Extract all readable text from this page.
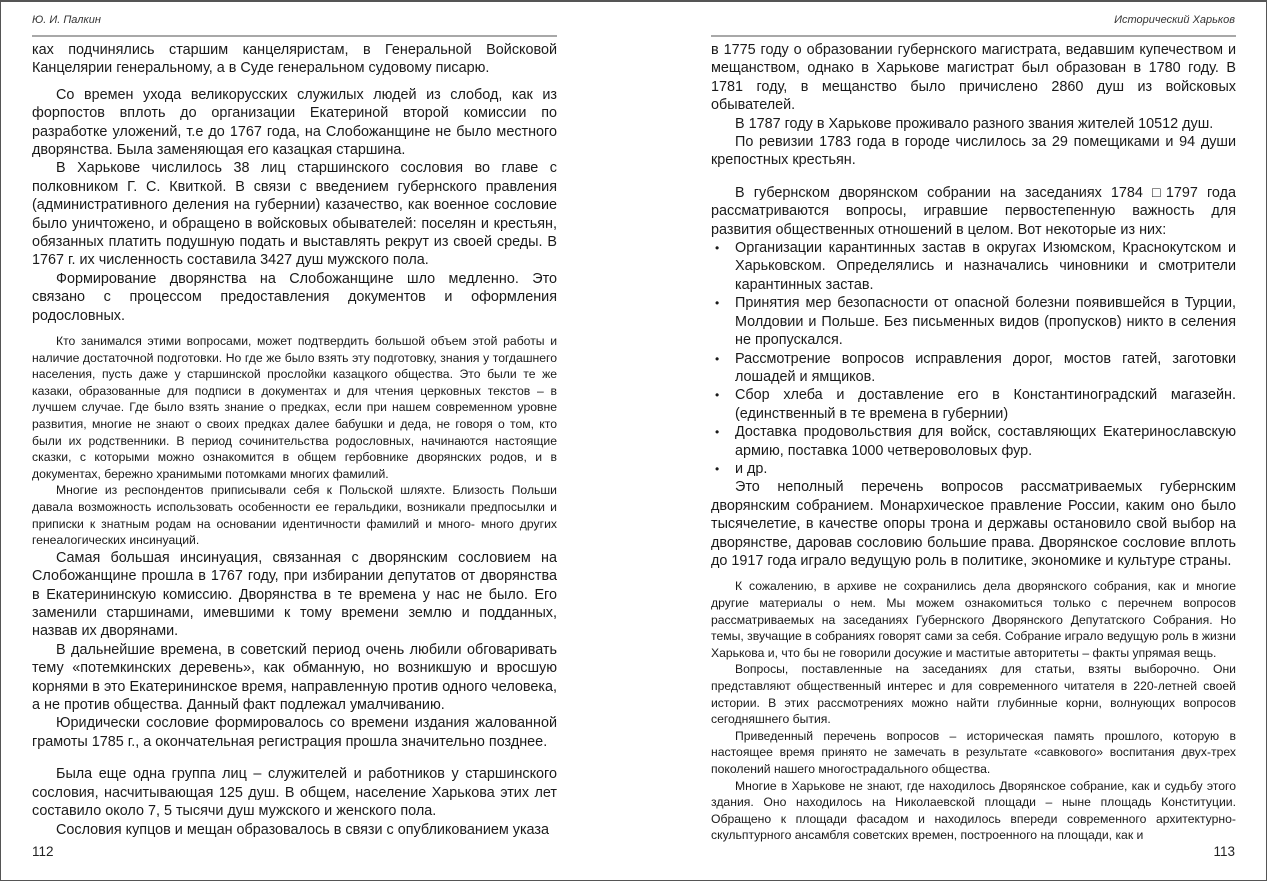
Ю. И. Палкин

ках подчинялись старшим канцеляристам, в Генеральной Войсковой Канцелярии генеральному, а в Суде генеральном судовому писарю.

Со времен ухода великорусских служилых людей из слобод, как из форпостов вплоть до организации Екатериной второй комиссии по разработке уложений, т.е до 1767 года, на Слобожанщине не было местного дворянства. Была заменяющая его казацкая старшина.

В Харькове числилось 38 лиц старшинского сословия во главе с полковником Г. С. Квиткой. В связи с введением губернского правления (административного деления на губернии) казачество, как военное сословие было уничтожено, и обращено в войсковых обывателей: поселян и крестьян, обязанных платить подушную подать и выставлять рекрут из своей среды. В 1767 г. их численность составила 3427 душ мужского пола.

Формирование дворянства на Слобожанщине шло медленно. Это связано с процессом предоставления документов и оформления родословных.

Кто занимался этими вопросами, может подтвердить большой объем этой работы и наличие достаточной подготовки. Но где же было взять эту подготовку, знания у тогдашнего населения, пусть даже у старшинской прослойки казацкого общества. Это были те же казаки, образованные для подписи в документах и для чтения церковных текстов – в лучшем случае. Где было взять знание о предках, если при нашем современном уровне развития, многие не знают о своих предках далее бабушки и деда, не говоря о том, кто были их родственники. В период сочинительства родословных, начинаются настоящие сказки, с которыми можно ознакомится в общем гербовнике дворянских родов, и в документах, бережно хранимыми потомками многих фамилий.

Многие из респондентов приписывали себя к Польской шляхте. Близость Польши давала возможность использовать особенности ее геральдики, возникали предпосылки и приписки к знатным родам на основании идентичности фамилий и много- много других генеалогических инсинуаций.

Самая большая инсинуация, связанная с дворянским сословием на Слобожанщине прошла в 1767 году, при избирании депутатов от дворянства в Екатерининскую комиссию. Дворянства в те времена у нас не было. Его заменили старшинами, имевшими к тому времени землю и подданных, назвав их дворянами.

В дальнейшие времена, в советский период очень любили обговаривать тему «потемкинских деревень», как обманную, но возникшую и вросшую корнями в это Екатерининское время, направленную против одного человека, а не против общества. Данный факт подлежал умалчиванию.

Юридически сословие формировалось со времени издания жалованной грамоты 1785 г., а окончательная регистрация прошла значительно позднее.

Была еще одна группа лиц – служителей и работников у старшинского сословия, насчитывающая 125 душ. В общем, население Харькова этих лет составило около 7, 5 тысячи душ мужского и женского пола.

Сословия купцов и мещан образовалось в связи с опубликованием указа

112
Исторический Харьков

в 1775 году о образовании губернского магистрата, ведавшим купечеством и мещанством, однако в Харькове магистрат был образован в 1780 году. В 1781 году, в мещанство было причислено 2860 душ из войсковых обывателей.

В 1787 году в Харькове проживало разного звания жителей 10512 душ.

По ревизии 1783 года в городе числилось за 29 помещиками и 94 души крепостных крестьян.

В губернском дворянском собрании на заседаниях 1784 □1797 года рассматриваются вопросы, игравшие первостепенную важность для развития общественных отношений в целом. Вот некоторые из них:

• Организации карантинных застав в округах Изюмском, Краснокутском и Харьковском. Определялись и назначались чиновники и смотрители карантинных застав.
• Принятия мер безопасности от опасной болезни появившейся в Турции, Молдовии и Польше. Без письменных видов (пропусков) никто в селения не пропускался.
• Рассмотрение вопросов исправления дорог, мостов гатей, заготовки лошадей и ямщиков.
• Сбор хлеба и доставление его в Константиноградский магазейн. (единственный в те времена в губернии)
• Доставка продовольствия для войск, составляющих Екатеринославскую армию, поставка 1000 четвероволовых фур.
• и др.

Это неполный перечень вопросов рассматриваемых губернским дворянским собранием. Монархическое правление России, каким оно было тысячелетие, в качестве опоры трона и державы остановило свой выбор на дворянстве, даровав сословию большие права. Дворянское сословие вплоть до 1917 года играло ведущую роль в политике, экономике и культуре страны.

К сожалению, в архиве не сохранились дела дворянского собрания, как и многие другие материалы о нем. Мы можем ознакомиться только с перечнем вопросов рассматриваемых на заседаниях Губернского Дворянского Депутатского Собрания. Но темы, звучащие в собраниях говорят сами за себя. Собрание играло ведущую роль в жизни Харькова и, что бы не говорили досужие и маститые авторитеты – факты упрямая вещь.

Вопросы, поставленные на заседаниях для статьи, взяты выборочно. Они представляют общественный интерес и для современного читателя в 220-летней своей истории. В этих рассмотрениях можно найти глубинные корни, волнующих вопросов сегодняшнего бытия.

Приведенный перечень вопросов – историческая память прошлого, которую в настоящее время принято не замечать в результате «савкового» воспитания двух-трех поколений нашего многострадального общества.

Многие в Харькове не знают, где находилось Дворянское собрание, как и судьбу этого здания. Оно находилось на Николаевской площади – ныне площадь Конституции. Обращено к площади фасадом и находилось впереди современного архитектурно-скульптурного ансамбля советских времен, построенного на площади, как и

113
